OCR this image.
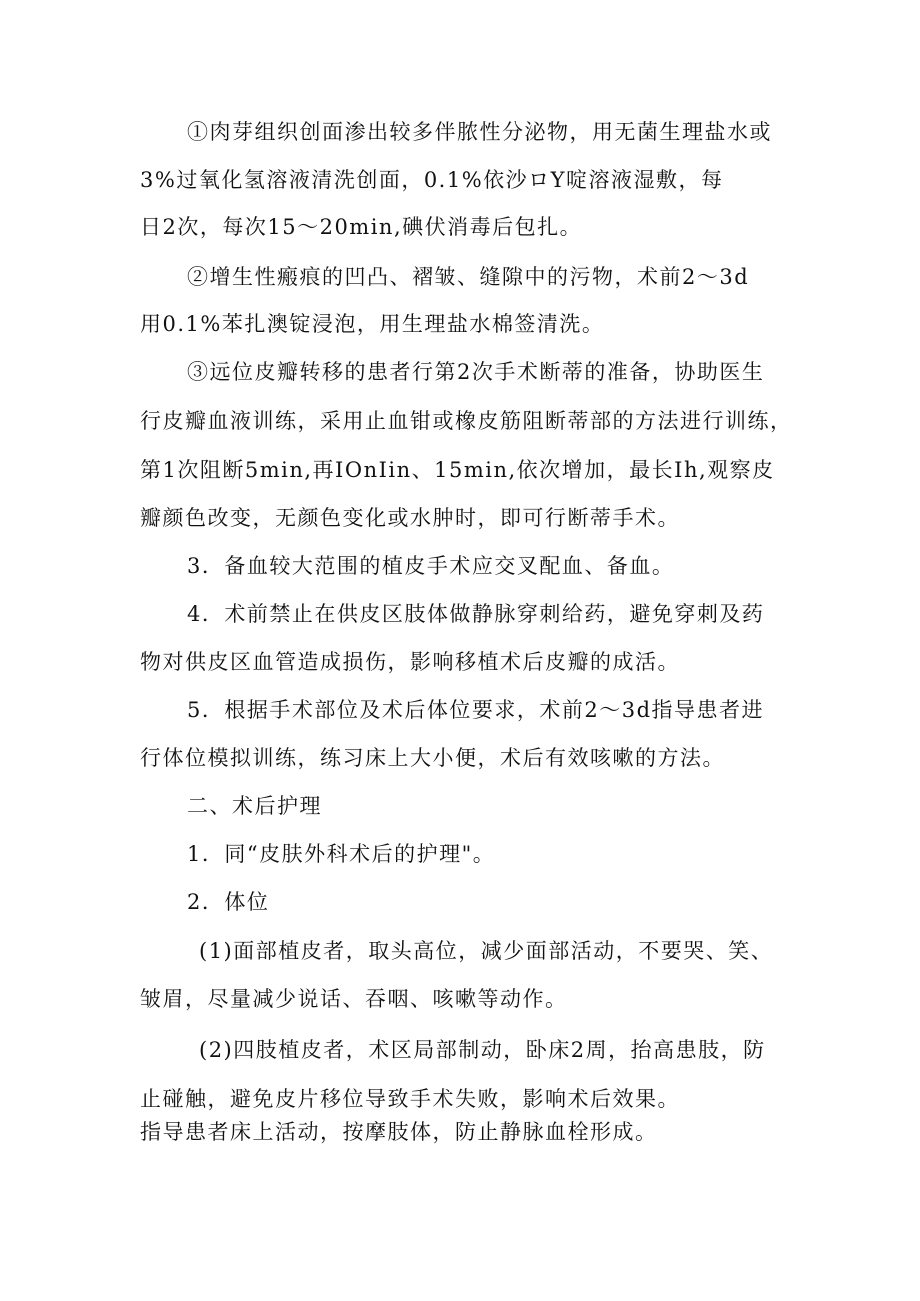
①肉芽组织创面渗出较多伴脓性分泌物，用无菌生理盐水或
3%过氧化氢溶液清洗创面，0.1%依沙ロY啶溶液湿敷，每
日2次，每次15〜20min,碘伏消毒后包扎。
②增生性瘢痕的凹凸、褶皱、缝隙中的污物，术前2〜3d
用0.1%苯扎澳锭浸泡，用生理盐水棉签清洗。
③远位皮瓣转移的患者行第2次手术断蒂的准备，协助医生
行皮瓣血液训练，采用止血钳或橡皮筋阻断蒂部的方法进行训练，
第1次阻断5min,再IOnIin、15min,依次增加，最长Ih,观察皮
瓣颜色改变，无颜色变化或水肿时，即可行断蒂手术。
3．备血较大范围的植皮手术应交叉配血、备血。
4．术前禁止在供皮区肢体做静脉穿刺给药，避免穿刺及药
物对供皮区血管造成损伤，影响移植术后皮瓣的成活。
5．根据手术部位及术后体位要求，术前2〜3d指导患者进
行体位模拟训练，练习床上大小便，术后有效咳嗽的方法。
二、术后护理
1．同“皮肤外科术后的护理"。
2．体位
(1)面部植皮者，取头高位，减少面部活动，不要哭、笑、
皱眉，尽量减少说话、吞咽、咳嗽等动作。
(2)四肢植皮者，术区局部制动，卧床2周，抬高患肢，防
止碰触，避免皮片移位导致手术失败，影响术后效果。
指导患者床上活动，按摩肢体，防止静脉血栓形成。
